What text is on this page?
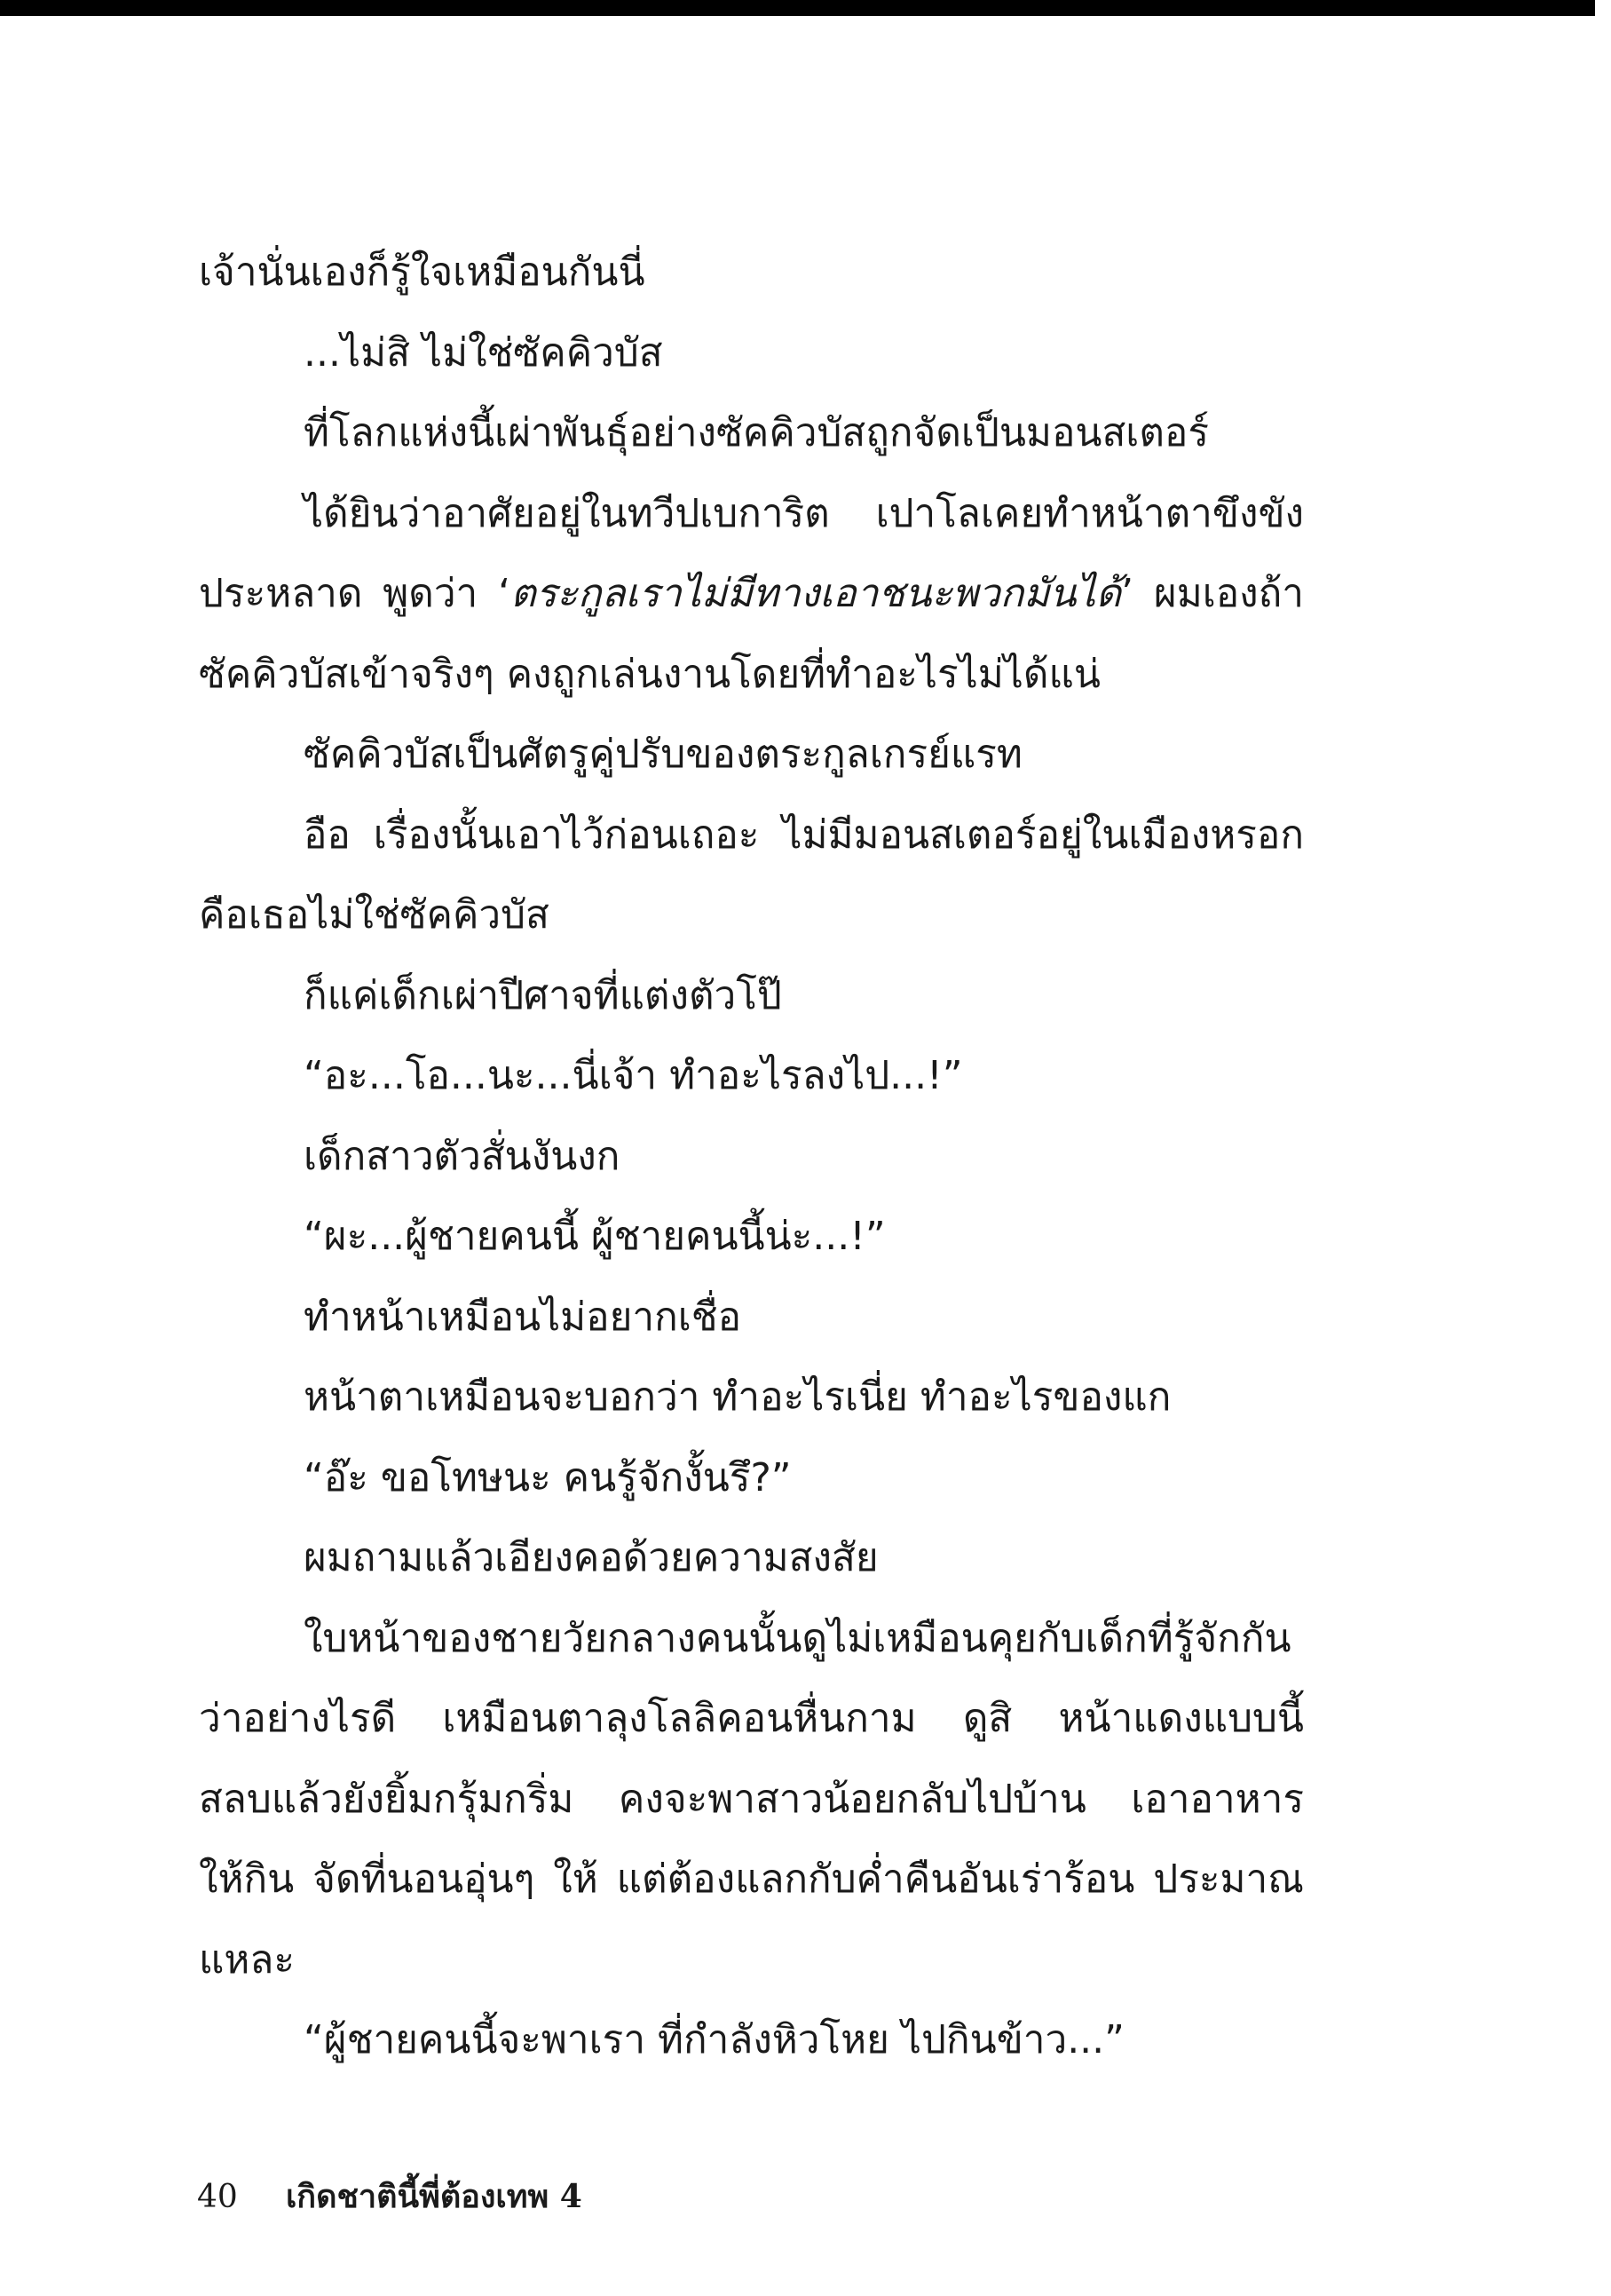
เจ้านั่นเองก็รู้ใจเหมือนกันนี่
...ไม่สิ ไม่ใช่ซัคคิวบัส
ที่โลกแห่งนี้เผ่าพันธุ์อย่างซัคคิวบัสถูกจัดเป็นมอนสเตอร์
ได้ยินว่าอาศัยอยู่ในทวีปเบการิต เปาโลเคยทำหน้าตาขึงขัง
ประหลาด พูดว่า ‘ตระกูลเราไม่มีทางเอาชนะพวกมันได้’ ผมเองถ้า
ซัคคิวบัสเข้าจริงๆ คงถูกเล่นงานโดยที่ทำอะไรไม่ได้แน่
ซัคคิวบัสเป็นศัตรูคู่ปรับของตระกูลเกรย์แรท
อือ เรื่องนั้นเอาไว้ก่อนเถอะ ไม่มีมอนสเตอร์อยู่ในเมืองหรอก
คือเธอไม่ใช่ซัคคิวบัส
ก็แค่เด็กเผ่าปีศาจที่แต่งตัวโป๊
“อะ...โอ...นะ...นี่เจ้า ทำอะไรลงไป...!”
เด็กสาวตัวสั่นงันงก
“ผะ...ผู้ชายคนนี้ ผู้ชายคนนี้น่ะ...!”
ทำหน้าเหมือนไม่อยากเชื่อ
หน้าตาเหมือนจะบอกว่า ทำอะไรเนี่ย ทำอะไรของแก
“อ๊ะ ขอโทษนะ คนรู้จักงั้นรึ?”
ผมถามแล้วเอียงคอด้วยความสงสัย
ใบหน้าของชายวัยกลางคนนั้นดูไม่เหมือนคุยกับเด็กที่รู้จักกัน
ว่าอย่างไรดี เหมือนตาลุงโลลิคอนหื่นกาม ดูสิ หน้าแดงแบบนี้
สลบแล้วยังยิ้มกรุ้มกริ่ม คงจะพาสาวน้อยกลับไปบ้าน เอาอาหาร
ให้กิน จัดที่นอนอุ่นๆ ให้ แต่ต้องแลกกับค่ำคืนอันเร่าร้อน ประมาณ
แหละ
“ผู้ชายคนนี้จะพาเรา ที่กำลังหิวโหย ไปกินข้าว...”
40 เกิดชาตินี้พี่ต้องเทพ 4
